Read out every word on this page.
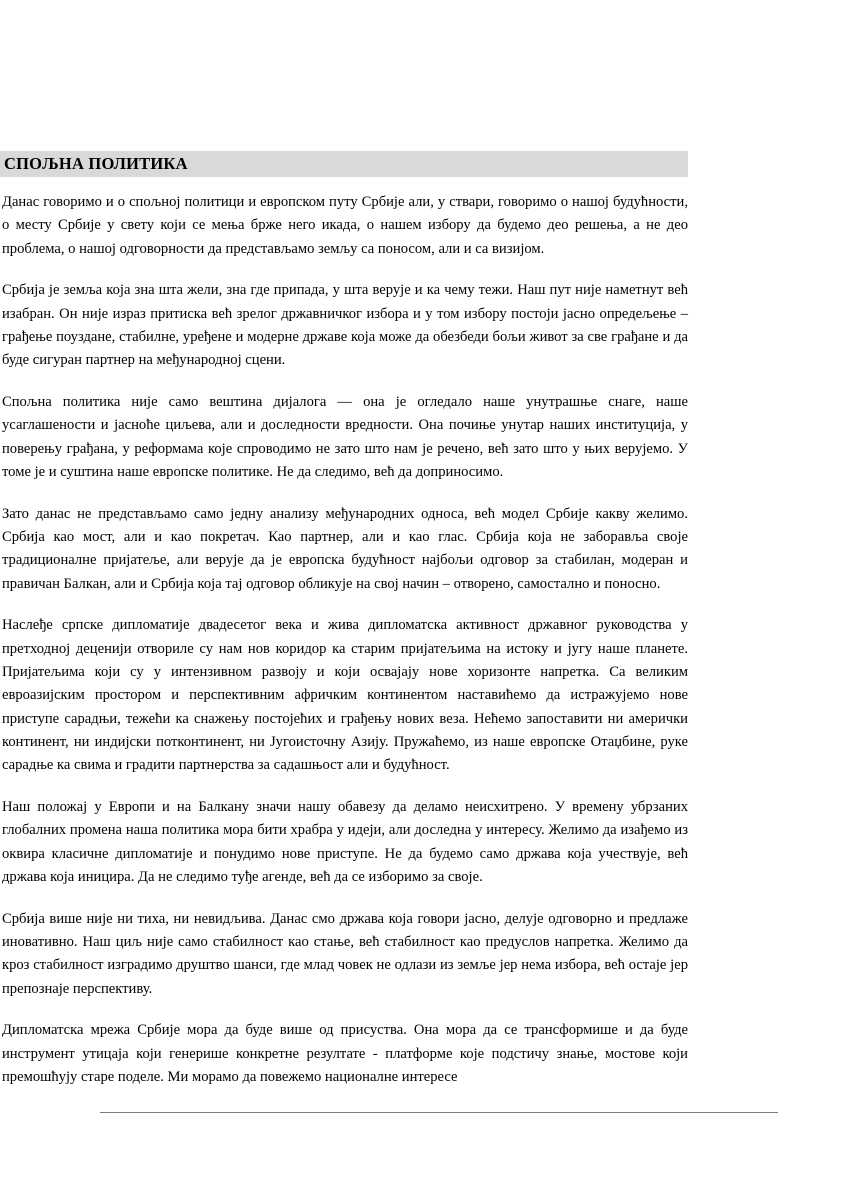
СПОЉНА ПОЛИТИКА

Данас говоримо и о спољној политици и европском путу Србије али, у ствари, говоримо о нашој будућности, о месту Србије у свету који се мења брже него икада, о нашем избору да будемо део решења, а не део проблема, о нашој одговорности да представљамо земљу са поносом, али и са визијом.

Србија је земља која зна шта жели, зна где припада, у шта верује и ка чему тежи. Наш пут није наметнут већ изабран. Он није израз притиска већ зрелог државничког избора и у том избору постоји јасно опредељење – грађење поуздане, стабилне, уређене и модерне државе која може да обезбеди бољи живот за све грађане и да буде сигуран партнер на међународној сцени.

Спољна политика није само вештина дијалога — она је огледало наше унутрашње снаге, наше усаглашености и јасноће циљева, али и доследности вредности. Она почиње унутар наших институција, у поверењу грађана, у реформама које спроводимо не зато што нам је речено, већ зато што у њих верујемо. У томе је и суштина наше европске политике. Не да следимо, већ да доприносимо.

Зато данас не представљамо само једну анализу међународних односа, већ модел Србије какву желимо. Србија као мост, али и као покретач. Као партнер, али и као глас. Србија која не заборавља своје традиционалне пријатеље, али верује да је европска будућност најбољи одговор за стабилан, модеран и правичан Балкан, али и Србија која тај одговор обликује на свој начин – отворено, самостално и поносно.

Наслеђе српске дипломатије двадесетог века и жива дипломатска активност државног руководства у претходној деценији отвориле су нам нов коридор ка старим пријатељима на истоку и југу наше планете. Пријатељима који су у интензивном развоју и који освајају нове хоризонте напретка. Са великим евроазијским простором и перспективним афричким континентом наставићемо да истражујемо нове приступе сарадњи, тежећи ка снажењу постојећих и грађењу нових веза. Нећемо запоставити ни амерички континент, ни индијски потконтинент, ни Југоисточну Азију. Пружаћемо, из наше европске Отаџбине, руке сарадње ка свима и градити партнерства за садашњост али и будућност.

Наш положај у Европи и на Балкану значи нашу обавезу да деламо неисхитрено. У времену убрзаних глобалних промена наша политика мора бити храбра у идеји, али доследна у интересу. Желимо да изађемо из оквира класичне дипломатије и понудимо нове приступе. Не да будемо само држава која учествује, већ држава која иницира. Да не следимо туђе агенде, већ да се изборимо за своје.

Србија више није ни тиха, ни невидљива. Данас смо држава која говори јасно, делује одговорно и предлаже иновативно. Наш циљ није само стабилност као стање, већ стабилност као предуслов напретка. Желимо да кроз стабилност изградимо друштво шанси, где млад човек не одлази из земље јер нема избора, већ остаје јер препознаје перспективу.

Дипломатска мрежа Србије мора да буде више од присуства. Она мора да се трансформише и да буде инструмент утицаја који генерише конкретне резултате - платформе које подстичу знање, мостове који премошћују старе поделе. Ми морамо да повежемо националне интересе
